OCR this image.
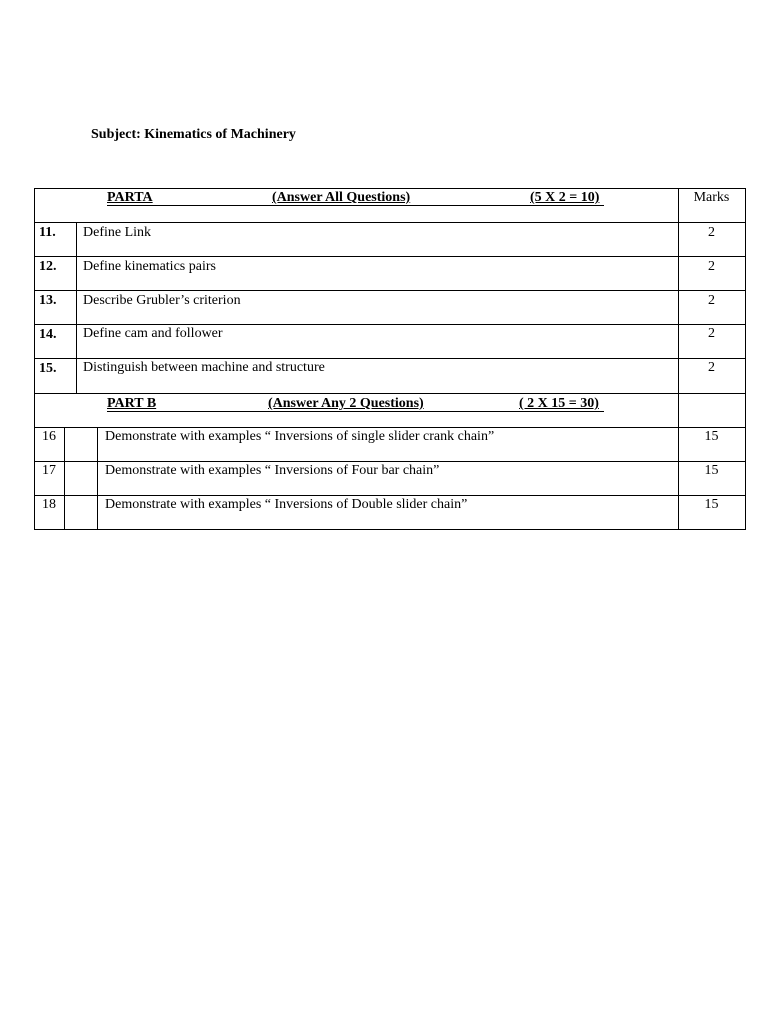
Subject: Kinematics of Machinery
PARTA	(Answer All Questions)	(5 X 2 = 10)	Marks
11. Define Link	2
12. Define kinematics pairs	2
13. Describe Grubler’s criterion	2
14. Define cam and follower	2
15. Distinguish between machine and structure	2
PART B	(Answer Any 2 Questions)	( 2 X 15 = 30)
16	Demonstrate with examples “ Inversions of single slider crank chain”	15
17	Demonstrate with examples “ Inversions of Four bar chain”	15
18	Demonstrate with examples “ Inversions of Double slider chain”	15
